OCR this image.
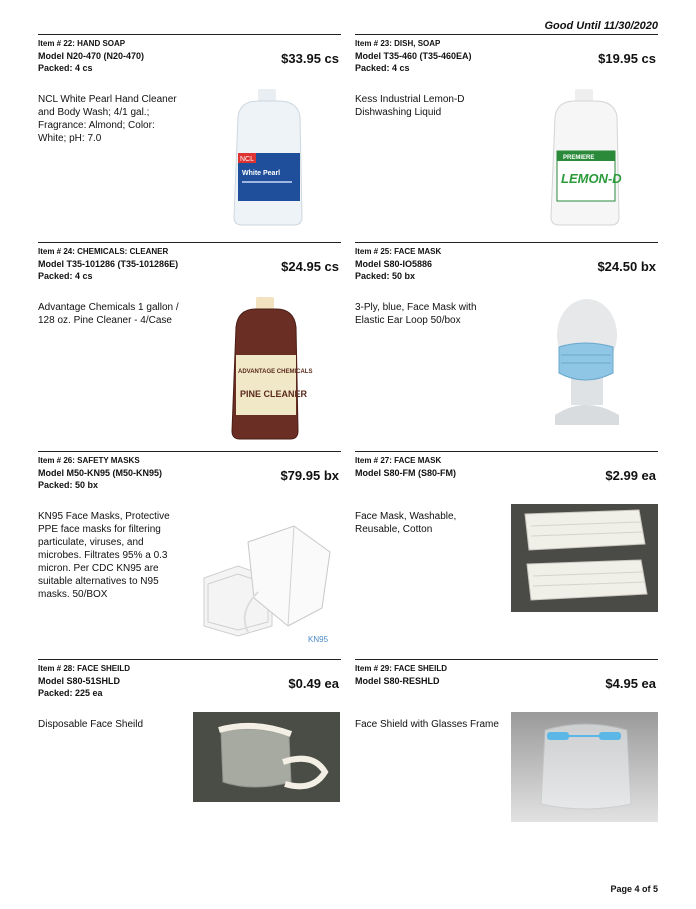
Good Until 11/30/2020
Item # 22: HAND SOAP
Model N20-470 (N20-470)
Packed: 4 cs
$33.95 cs
NCL White Pearl Hand Cleaner
and Body Wash; 4/1 gal.;
Fragrance: Almond; Color:
White; pH: 7.0
NCL
White Pearl
Item # 23: DISH, SOAP
Model T35-460 (T35-460EA)
Packed: 4 cs
$19.95 cs
Kess Industrial Lemon-D
Dishwashing Liquid
PREMIERE
LEMON-D
Item # 24: CHEMICALS: CLEANER
Model T35-101286 (T35-101286E)
Packed: 4 cs
$24.95 cs
Advantage Chemicals 1 gallon /
128 oz. Pine Cleaner - 4/Case
ADVANTAGE CHEMICALS
PINE CLEANER
Item # 25: FACE MASK
Model S80-IO5886
Packed: 50 bx
$24.50 bx
3-Ply, blue, Face Mask with
Elastic Ear Loop 50/box
Item # 26: SAFETY MASKS
Model M50-KN95 (M50-KN95)
Packed: 50 bx
$79.95 bx
KN95 Face Masks, Protective
PPE face masks for filtering
particulate, viruses, and
microbes. Filtrates 95% a 0.3
micron. Per CDC KN95 are
suitable alternatives to N95
masks. 50/BOX
KN95
Item # 27: FACE MASK
Model S80-FM (S80-FM)	$2.99 ea
Face Mask, Washable,
Reusable, Cotton
Item # 28: FACE SHEILD
Model S80-51SHLD
Packed: 225 ea
$0.49 ea
Disposable Face Sheild
Item # 29: FACE SHEILD
Model S80-RESHLD	$4.95 ea
Face Shield with Glasses Frame
Page 4 of 5
